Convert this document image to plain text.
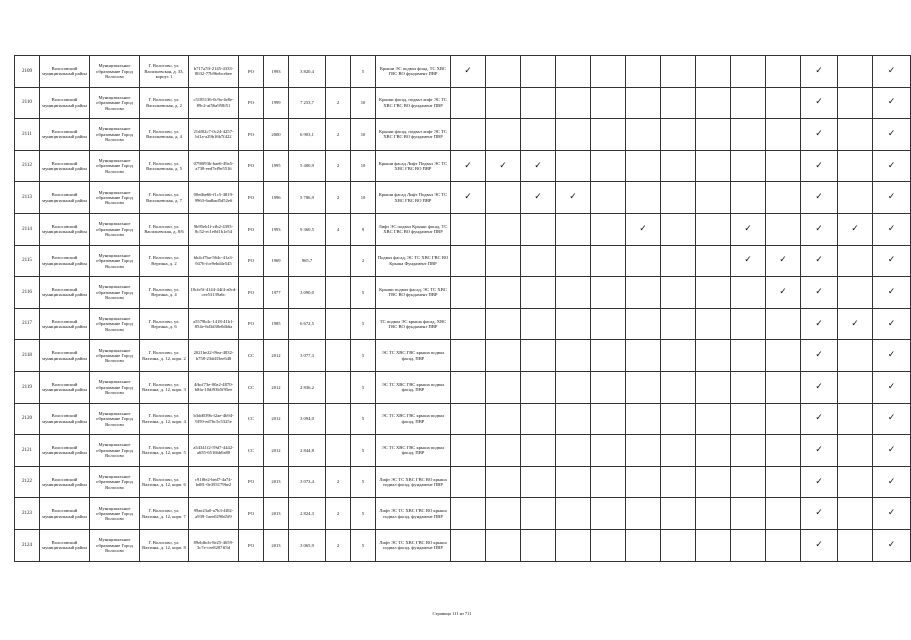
2109	Волосовский муниципальный район	Муниципальное образование Город Волосово	Г. Волосово, ул. Васильевская, д. 33, корпус 1	b717a7ff-2145-4333-8032-77b96ebcebee	РО	1993	3 820,4		5	Крыши ЭС подвал фонд, ТС ХВС ГВС ВО фундамент ПВР	✓										✓		✓
2110	Волосовский муниципальный район	Муниципальное образование Город Волосово	Г. Волосово, ул. Васильевская, д. 2	c5185136-0c9a-4e8e-89c2-af56a958f51	РО	1999	7 253,7	2	10	Крыши фасад, подвал лифт ЭС ТС ХВС ГВС ВО фундамент ПВР											✓		✓
2111	Волосовский муниципальный район	Муниципальное образование Город Волосово	Г. Волосово, ул. Васильевская, д. 4	21df02c7-0c24-4257-bf1a-a29b16b7f422	РО	2000	6 903,1	2	10	Крыши фасад, подвал лифт ЭС ТС ХВС ГВС ВО фундамент ПВР											✓		✓
2112	Волосовский муниципальный район	Муниципальное образование Город Волосово	Г. Волосово, ул. Васильевская, д. 5	0798f93b-bae6-49a5-a738-eed7ef9e5516	РО	1995	5 400,9	2	10	Крыши фасад Лифт Подвал ЭС ТС ХВС ГВС ВО ПВР	✓	✓	✓								✓		✓
2113	Волосовский муниципальный район	Муниципальное образование Город Волосово	Г. Волосово, ул. Васильевская, д. 7	00edbe66-f1c5-4819-9963-6adbad5d52e6	РО	1996	5 786,9	2	10	Крыши фасад Лифт Подвал ЭС ТС ХВС ГВС ВО ПВР	✓		✓	✓							✓		✓
2114	Волосовский муниципальный район	Муниципальное образование Город Волосово	Г. Волосово, ул. Васильевская, д. 8/6	9b95eb1f-cfb2-4393-8c52-ec1e0d1b1e54	РО	1993	9 360,5	4	9	Лифт ЭС подвал Крыши фасад, ТС ХВС ГВС ВО фундамент ПВР						✓			✓		✓	✓	✓
2115	Волосовский муниципальный район	Муниципальное образование Город Волосово	Г. Волосово, ул. Вергина, д. 2	bb4cf7ba-564c-41a3-9476-fce9ebd4e545	РО	1969	965,7		2	Подвал фасад, ЭС ТС ХВС ГВС ВО Крыша Фундамент ПВР									✓	✓	✓		✓
2116	Волосовский муниципальный район	Муниципальное образование Город Волосово	Г. Волосово, ул. Вергина, д. 4	18cfe5f-4144-44f4-a0cd-cee53139a6c	РО	1977	3 090,0		5	Крыши подвал фасад, ЭС ТС ХВС ГВС ВО фундамент ПВР										✓	✓		✓
2117	Волосовский муниципальный район	Муниципальное образование Город Волосово	Г. Волосово, ул. Вергина, д. 6	a5579b4c-1418-41b1-854e-6d3d38e0db6a	РО	1985	6 672,5		5	ТС подвал ЭС крыша фасад, ХВС ГВС ВО фундамент ПВР											✓	✓	✓
2118	Волосовский муниципальный район	Муниципальное образование Город Волосово	Г. Волосово, ул. Вахтина, д. 12, корп. 2	2021be22-f9ea-4832-b758-23dd33ee648	СС	2012	3 077,3		5	ЭС ТС ХВС ГВС крыша подвал фасад, ПВР											✓		✓
2119	Волосовский муниципальный район	Муниципальное образование Город Волосово	Г. Волосово, ул. Вахтина, д. 12, корп. 3	4fbcf73e-00a2-4870-b8fa-10df93b5f95ee	СС	2012	2 836,2		5	ЭС ТС ХВС ГВС крыша подвал фасад, ПВР											✓		✓
2120	Волосовский муниципальный район	Муниципальное образование Город Волосово	Г. Волосово, ул. Вахтина, д. 12, корп. 4	b3dd039b-f2ae-4b94-9f59-ed76c5c5325e	СС	2012	3 094,0		5	ЭС ТС ХВС ГВС крыша подвал фасад, ПВР											✓		✓
2121	Волосовский муниципальный район	Муниципальное образование Город Волосово	Г. Волосово, ул. Вахтина, д. 12, корп. 5	a54341f2-59d7-4442-a655-6516bb0a80	СС	2012	2 844,8		5	ЭС ТС ХВС ГВС крыша подвал фасад, ПВР											✓		✓
2122	Волосовский муниципальный район	Муниципальное образование Город Волосово	Г. Волосово, ул. Вахтина, д. 12, корп. 6	c91f8e2-bed7-4a74-bd81-0e393179be2	РО	2013	3 073,4	2	5	Лифт ЭС ТС ХВС ГВС ВО крыша подвал фасад, фундамент ПВР											✓		✓
2123	Волосовский муниципальный район	Муниципальное образование Город Волосово	Г. Волосово, ул. Вахтина, д. 12, корп. 7	99ae23a0-a7b3-4f02-a939-1aee0290d5f9	РО	2013	2 824,3	2	5	Лифт ЭС ТС ХВС ГВС ВО крыша подвал фасад, фундамент ПВР											✓		✓
2124	Волосовский муниципальный район	Муниципальное образование Город Волосово	Г. Волосово, ул. Вахтина, д. 12, корп. 8	89ebfbcb-8e25-4659-3c7e-cee8207ff3d	РО	2013	3 065,9	2	5	Лифт ЭС ТС ХВС ГВС ВО крыша подвал фасад, фундамент ПВР											✓		✓
Страница 111 из 711
